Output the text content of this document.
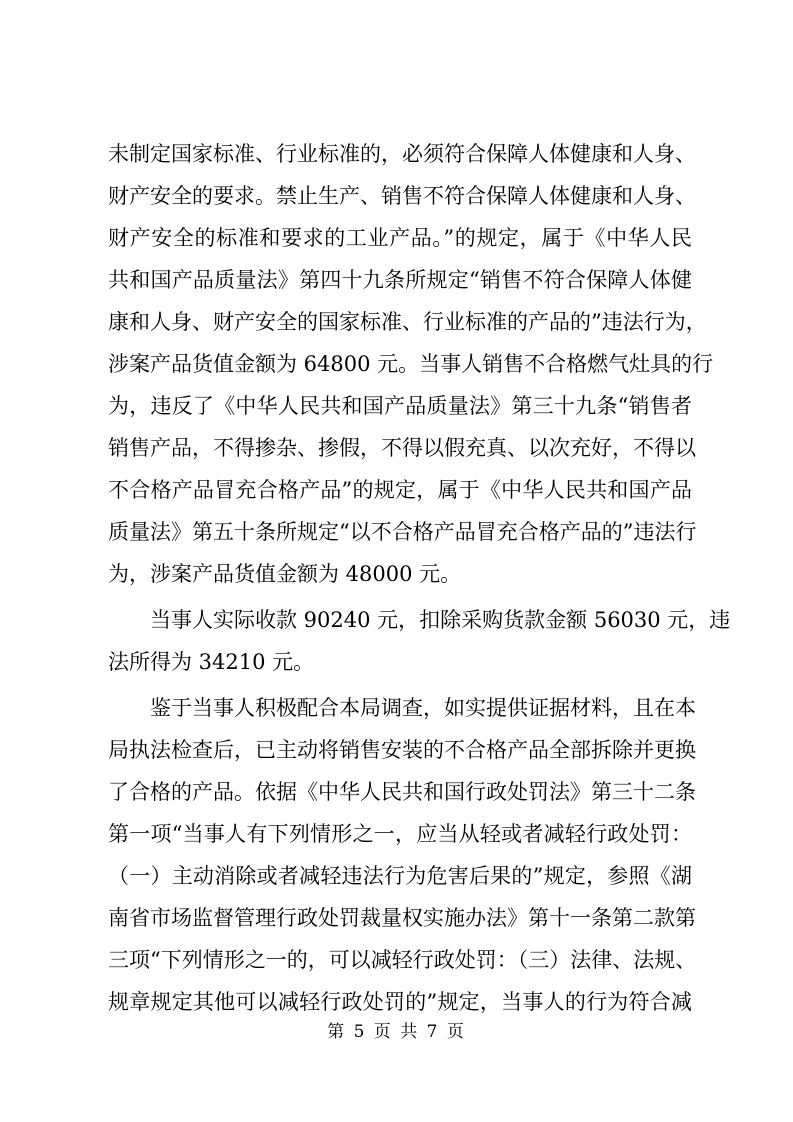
未制定国家标准、行业标准的，必须符合保障人体健康和人身、
财产安全的要求。禁止生产、销售不符合保障人体健康和人身、
财产安全的标准和要求的工业产品。”的规定，属于《中华人民
共和国产品质量法》第四十九条所规定“销售不符合保障人体健
康和人身、财产安全的国家标准、行业标准的产品的”违法行为，
涉案产品货值金额为 64800 元。当事人销售不合格燃气灶具的行
为，违反了《中华人民共和国产品质量法》第三十九条“销售者
销售产品，不得掺杂、掺假，不得以假充真、以次充好，不得以
不合格产品冒充合格产品”的规定，属于《中华人民共和国产品
质量法》第五十条所规定“以不合格产品冒充合格产品的”违法行
为，涉案产品货值金额为 48000 元。
当事人实际收款 90240 元，扣除采购货款金额 56030 元，违
法所得为 34210 元。
鉴于当事人积极配合本局调查，如实提供证据材料，且在本
局执法检查后，已主动将销售安装的不合格产品全部拆除并更换
了合格的产品。依据《中华人民共和国行政处罚法》第三十二条
第一项“当事人有下列情形之一，应当从轻或者减轻行政处罚：
（一）主动消除或者减轻违法行为危害后果的”规定，参照《湖
南省市场监督管理行政处罚裁量权实施办法》第十一条第二款第
三项“下列情形之一的，可以减轻行政处罚：（三）法律、法规、
规章规定其他可以减轻行政处罚的”规定，当事人的行为符合减
第 5 页 共 7 页
